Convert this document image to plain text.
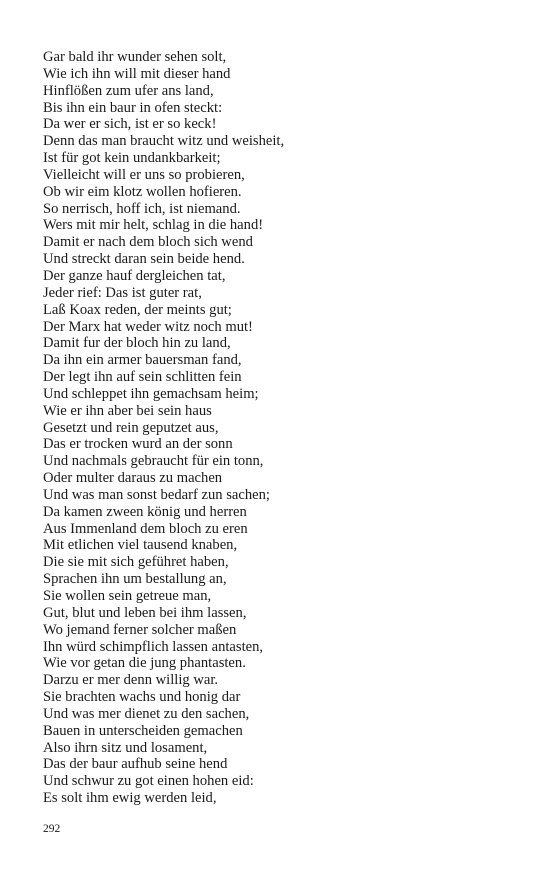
Gar bald ihr wunder sehen solt,
Wie ich ihn will mit dieser hand
Hinflößen zum ufer ans land,
Bis ihn ein baur in ofen steckt:
Da wer er sich, ist er so keck!
Denn das man braucht witz und weisheit,
Ist für got kein undankbarkeit;
Vielleicht will er uns so probieren,
Ob wir eim klotz wollen hofieren.
So nerrisch, hoff ich, ist niemand.
Wers mit mir helt, schlag in die hand!
Damit er nach dem bloch sich wend
Und streckt daran sein beide hend.
Der ganze hauf dergleichen tat,
Jeder rief: Das ist guter rat,
Laß Koax reden, der meints gut;
Der Marx hat weder witz noch mut!
Damit fur der bloch hin zu land,
Da ihn ein armer bauersman fand,
Der legt ihn auf sein schlitten fein
Und schleppet ihn gemachsam heim;
Wie er ihn aber bei sein haus
Gesetzt und rein geputzet aus,
Das er trocken wurd an der sonn
Und nachmals gebraucht für ein tonn,
Oder multer daraus zu machen
Und was man sonst bedarf zun sachen;
Da kamen zween könig und herren
Aus Immenland dem bloch zu eren
Mit etlichen viel tausend knaben,
Die sie mit sich geführet haben,
Sprachen ihn um bestallung an,
Sie wollen sein getreue man,
Gut, blut und leben bei ihm lassen,
Wo jemand ferner solcher maßen
Ihn würd schimpflich lassen antasten,
Wie vor getan die jung phantasten.
Darzu er mer denn willig war.
Sie brachten wachs und honig dar
Und was mer dienet zu den sachen,
Bauen in unterscheiden gemachen
Also ihrn sitz und losament,
Das der baur aufhub seine hend
Und schwur zu got einen hohen eid:
Es solt ihm ewig werden leid,
292
